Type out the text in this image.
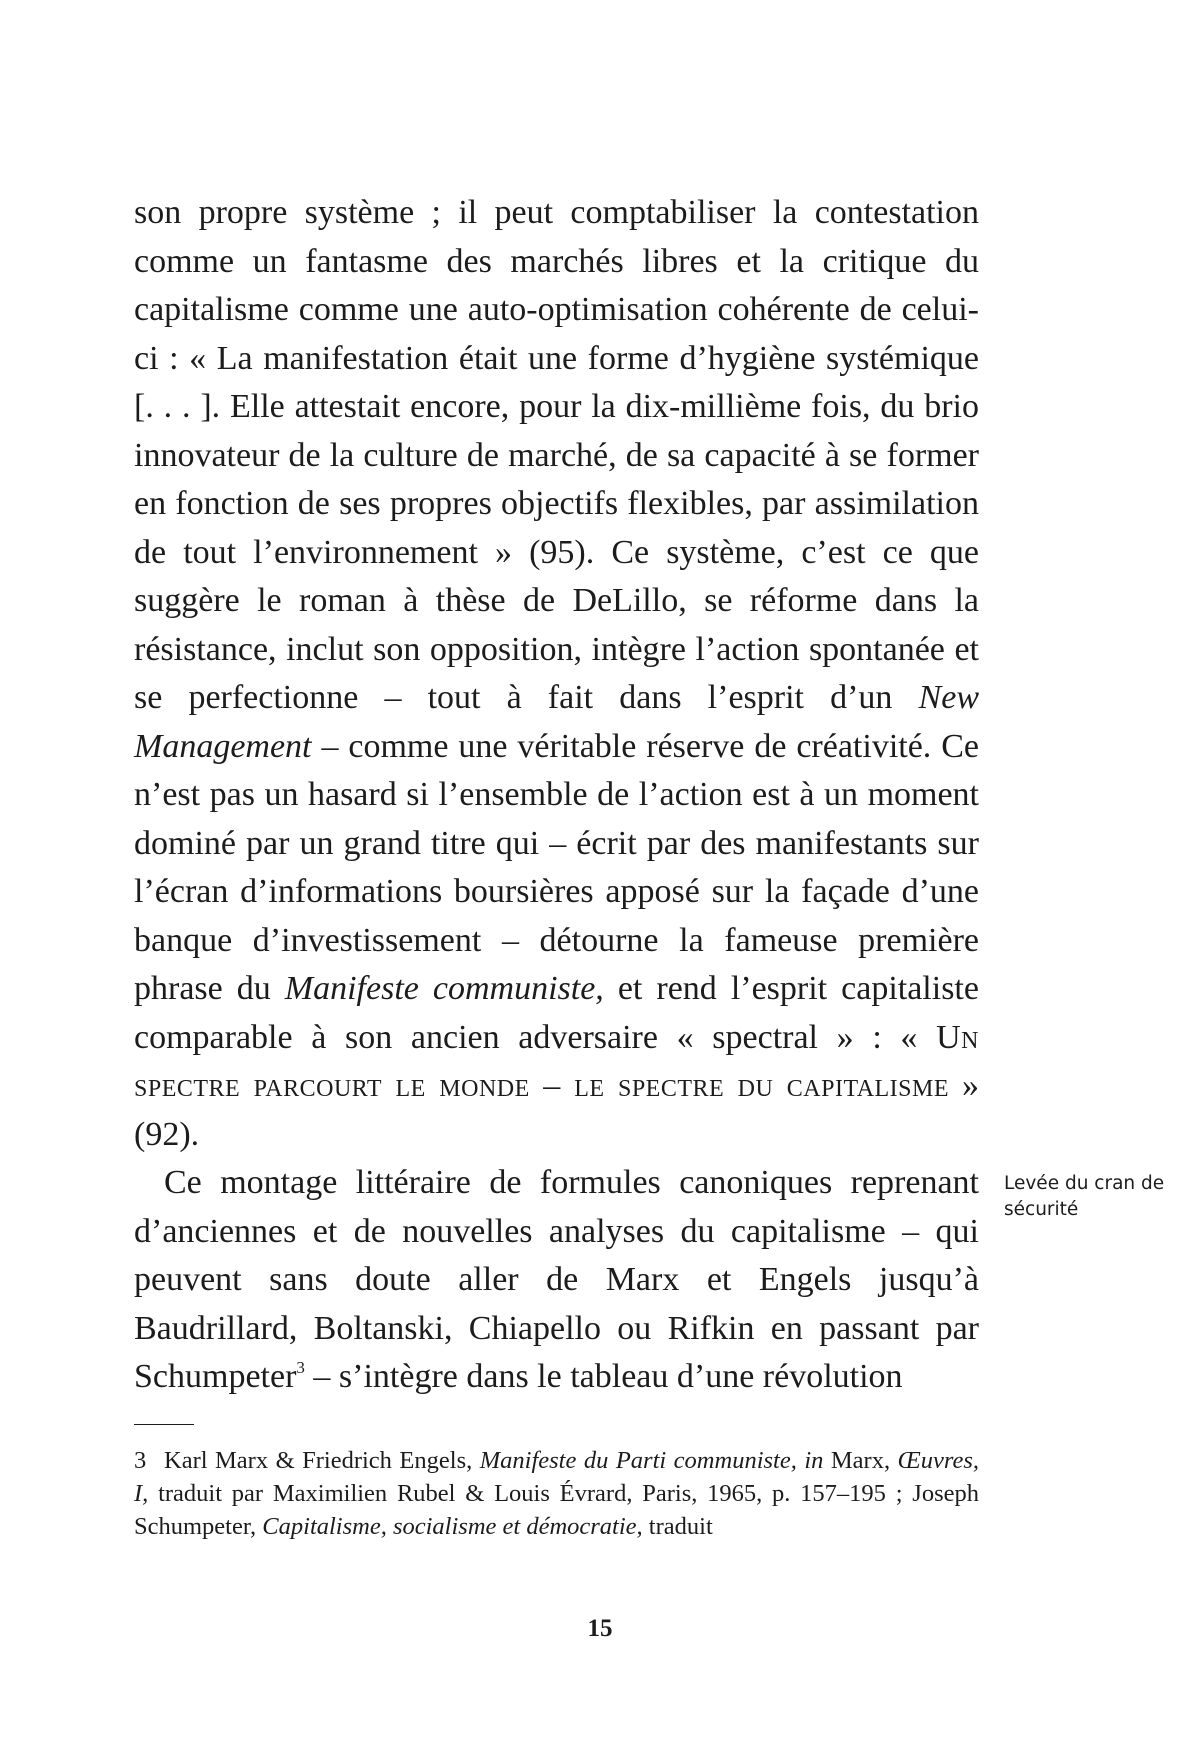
son propre système ; il peut comptabiliser la contestation comme un fantasme des marchés libres et la critique du capitalisme comme une auto-optimisation cohérente de celui-ci : « La manifestation était une forme d’hygiène systémique [. . . ]. Elle attestait encore, pour la dix-millième fois, du brio innovateur de la culture de marché, de sa capacité à se former en fonction de ses propres objectifs flexibles, par assimilation de tout l’environnement » (95). Ce système, c’est ce que suggère le roman à thèse de DeLillo, se réforme dans la résistance, inclut son opposition, intègre l’action spontanée et se perfectionne – tout à fait dans l’esprit d’un New Management – comme une véritable réserve de créativité. Ce n’est pas un hasard si l’ensemble de l’action est à un moment dominé par un grand titre qui – écrit par des manifestants sur l’écran d’informations boursières apposé sur la façade d’une banque d’investissement – détourne la fameuse première phrase du Manifeste communiste, et rend l’esprit capitaliste comparable à son ancien adversaire « spectral » : « Un spectre parcourt le monde – le spectre du capitalisme » (92).

Ce montage littéraire de formules canoniques reprenant d’anciennes et de nouvelles analyses du capitalisme – qui peuvent sans doute aller de Marx et Engels jusqu’à Baudrillard, Boltanski, Chiapello ou Rifkin en passant par Schumpeter$^3$ – s’intègre dans le tableau d’une révolution

Levée du cran de sécurité

3 Karl Marx & Friedrich Engels, Manifeste du Parti communiste, in Marx, Œuvres, I, traduit par Maximilien Rubel & Louis Évrard, Paris, 1965, p. 157–195 ; Joseph Schumpeter, Capitalisme, socialisme et démocratie, traduit

15
